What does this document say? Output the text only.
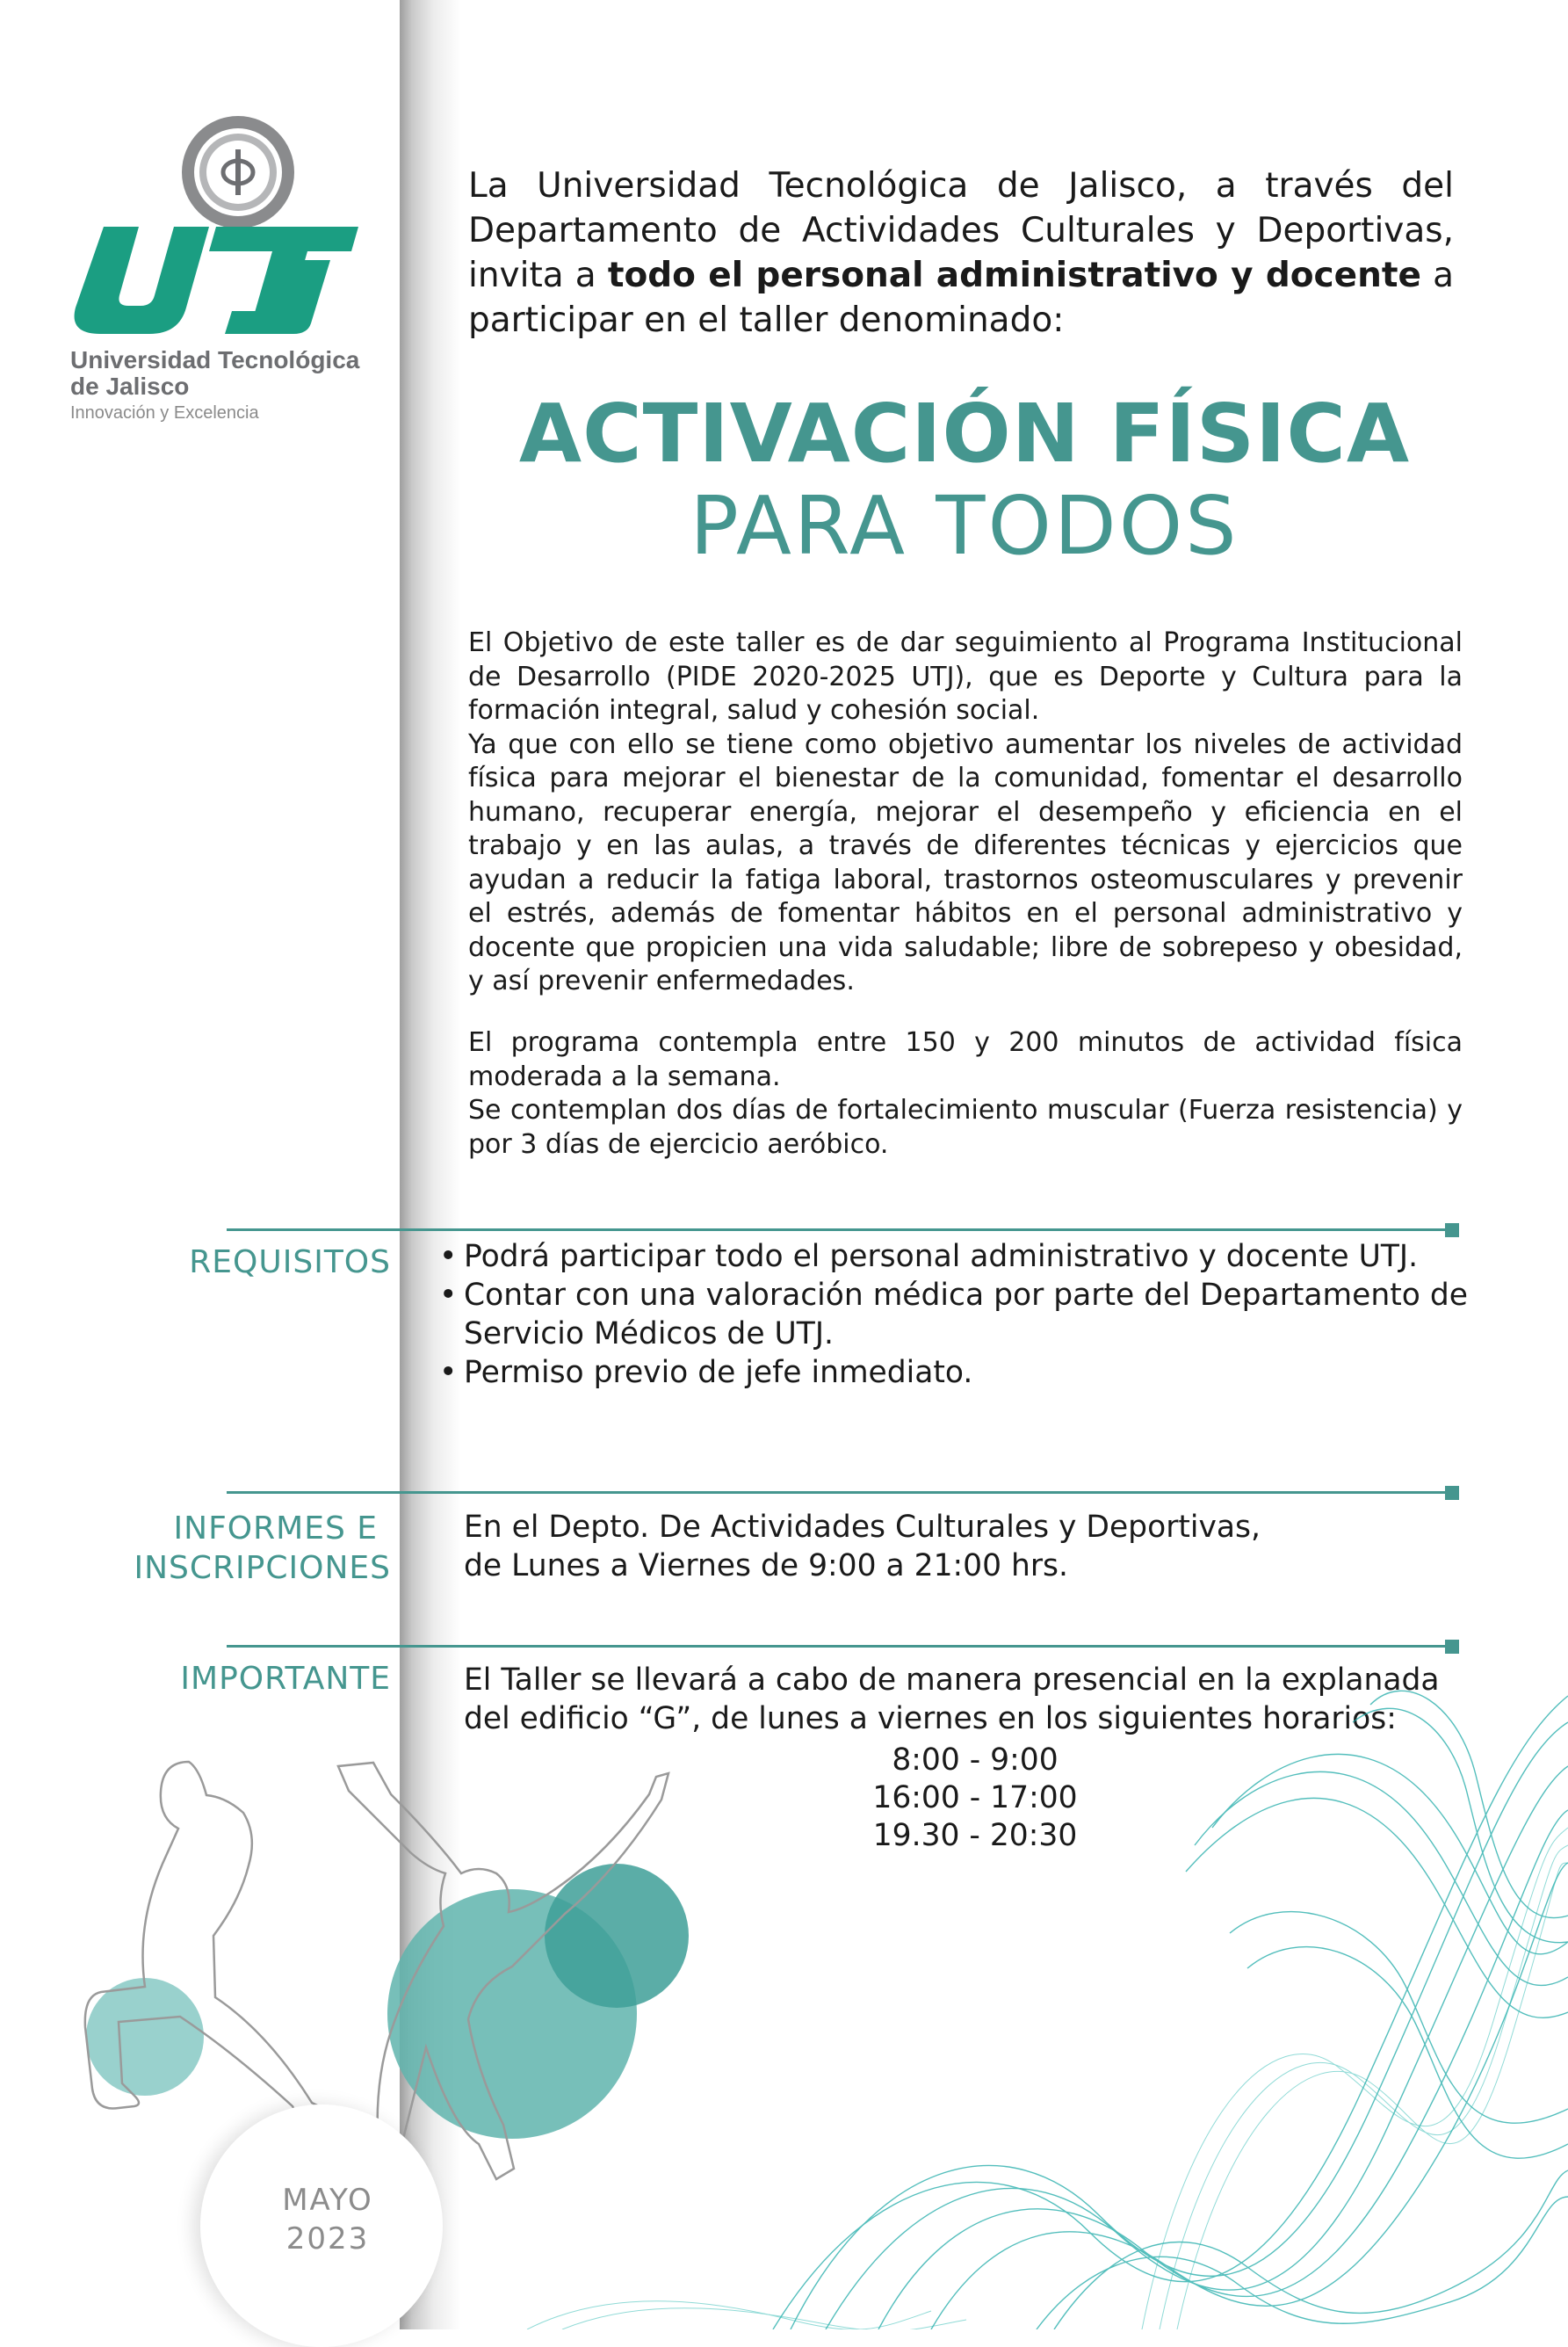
Universidad Tecnológica de Jalisco
Innovación y Excelencia
La Universidad Tecnológica de Jalisco, a través del Departamento de Actividades Culturales y Deportivas, invita a todo el personal administrativo y docente a participar en el taller denominado:
ACTIVACIÓN FÍSICA
PARA TODOS

El Objetivo de este taller es de dar seguimiento al Programa Institucional de Desarrollo (PIDE 2020-2025 UTJ), que es Deporte y Cultura para la formación integral, salud y cohesión social.

Ya que con ello se tiene como objetivo aumentar los niveles de actividad física para mejorar el bienestar de la comunidad, fomentar el desarrollo humano, recuperar energía, mejorar el desempeño y eficiencia en el trabajo y en las aulas, a través de diferentes técnicas y ejercicios que ayudan a reducir la fatiga laboral, trastornos osteomusculares y prevenir el estrés, además de fomentar hábitos en el personal administrativo y docente que propicien una vida saludable; libre de sobrepeso y obesidad, y así prevenir enfermedades.

El programa contempla entre 150 y 200 minutos de actividad física moderada a la semana.

Se contemplan dos días de fortalecimiento muscular (Fuerza resistencia) y por 3 días de ejercicio aeróbico.

REQUISITOS
•	Podrá participar todo el personal administrativo y docente UTJ.
• Contar con una valoración médica por parte del Departamento de Servicio Médicos de UTJ.
• Permiso previo de jefe inmediato.
INFORMES E
INSCRIPCIONES
En el Depto. De Actividades Culturales y Deportivas,
de Lunes a Viernes de 9:00 a 21:00 hrs.
IMPORTANTE El Taller se llevará a cabo de manera presencial en la explanada
del edificio “G”, de lunes a viernes en los siguientes horarios:
8:00 - 9:00
16:00 - 17:00
19.30 - 20:30
MAYO
2023
